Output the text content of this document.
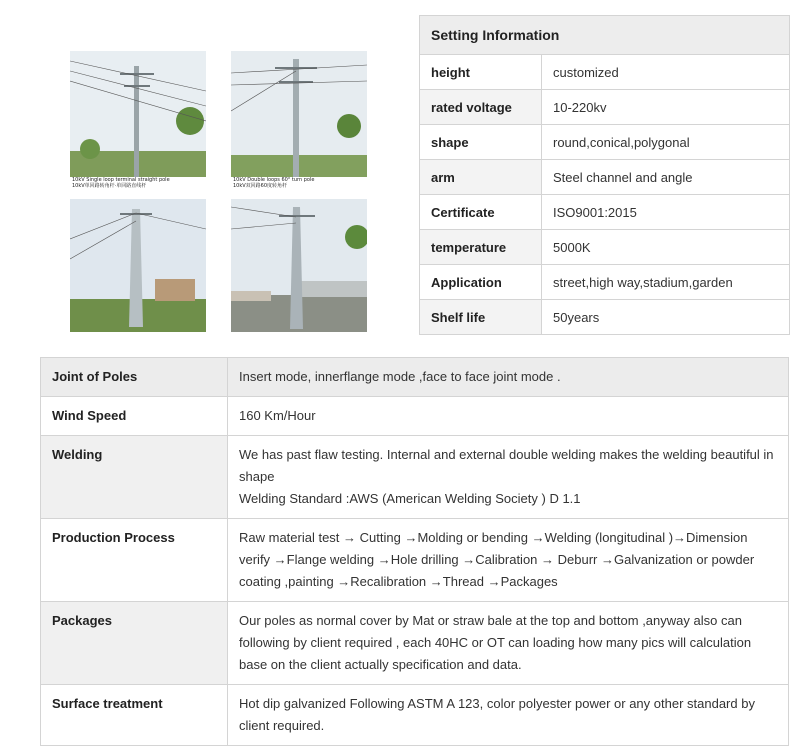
10kV Single loop terminal straight pole
10kV单回路转角杆·单回路直线杆
10kV Double loops 60° turn pole
10kV双回路60度转角杆
Setting Information	
height	customized
rated voltage	10-220kv
shape	round,conical,polygonal
arm	Steel channel and angle
Certificate	ISO9001:2015
temperature	5000K
Application	street,high way,stadium,garden
Shelf life	50years
Joint of Poles	Insert mode, innerflange mode ,face to face joint mode .
Wind Speed	160 Km/Hour
Welding	We has past flaw testing. Internal and external double welding makes the welding beautiful in shape
Welding Standard :AWS (American Welding Society ) D 1.1

Production Process	Raw material test → Cutting →Molding or bending →Welding (longitudinal )→Dimension verify →Flange welding →Hole drilling →Calibration → Deburr →Galvanization or powder coating ,painting →Recalibration →Thread →Packages
Packages	Our poles as normal cover by Mat or straw bale at the top and bottom ,anyway also can following by client required , each 40HC or OT can loading how many pics will calculation base on the client actually specification and data.
Surface treatment	Hot dip galvanized Following ASTM A 123, color polyester power or any other standard by client required.
